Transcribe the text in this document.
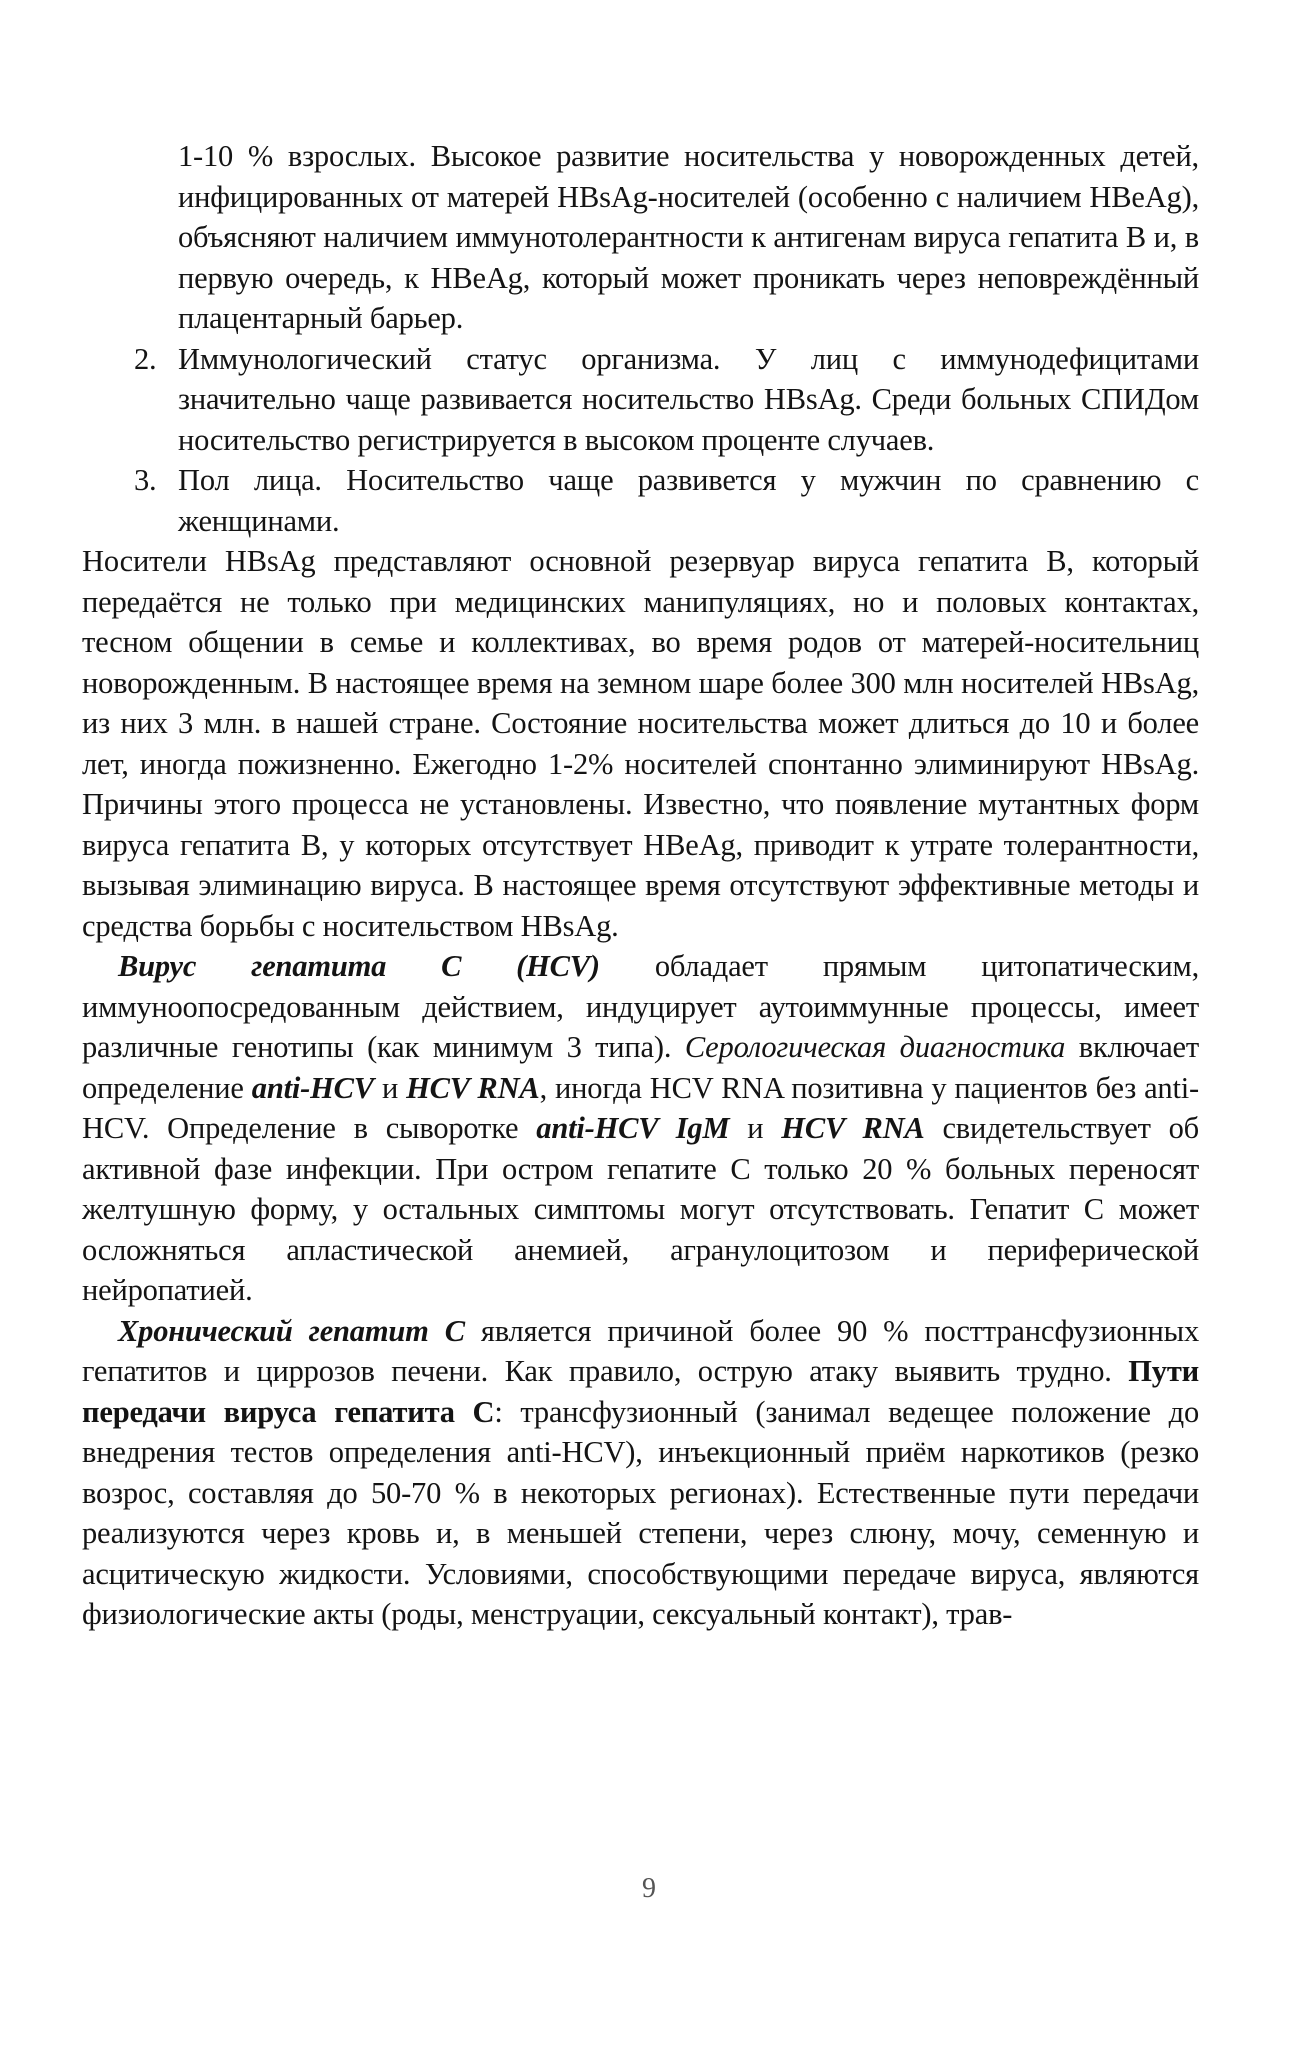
1-10 % взрослых. Высокое развитие носительства у новорожденных детей, инфицированных от матерей HBsAg-носителей (особенно с наличием HBeAg), объясняют наличием иммунотолерантности к антигенам вируса гепатита В и, в первую очередь, к HBeAg, который может проникать через неповреждённый плацентарный барьер.

2. Иммунологический статус организма. У лиц с иммунодефицитами значительно чаще развивается носительство HBsAg. Среди больных СПИДом носительство регистрируется в высоком проценте случаев.
3. Пол лица. Носительство чаще развивется у мужчин по сравнению с женщинами.

Носители HBsAg представляют основной резервуар вируса гепатита В, который передаётся не только при медицинских манипуляциях, но и половых контактах, тесном общении в семье и коллективах, во время родов от матерей-носительниц новорожденным. В настоящее время на земном шаре более 300 млн носителей HBsAg, из них 3 млн. в нашей стране. Состояние носительства может длиться до 10 и более лет, иногда пожизненно. Ежегодно 1-2% носителей спонтанно элиминируют HBsAg. Причины этого процесса не установлены. Известно, что появление мутантных форм вируса гепатита В, у которых отсутствует HBeAg, приводит к утрате толерантности, вызывая элиминацию вируса. В настоящее время отсутствуют эффективные методы и средства борьбы с носительством HBsAg.

Вирус гепатита С (HCV) обладает прямым цитопатическим, иммуноопосредованным действием, индуцирует аутоиммунные процессы, имеет различные генотипы (как минимум 3 типа). Серологическая диагностика включает определение anti-HCV и HCV RNA, иногда HCV RNA позитивна у пациентов без anti-HCV. Определение в сыворотке anti-HCV IgM и HCV RNA свидетельствует об активной фазе инфекции. При остром гепатите С только 20 % больных переносят желтушную форму, у остальных симптомы могут отсутствовать. Гепатит С может осложняться апластической анемией, агранулоцитозом и периферической нейропатией.

Хронический гепатит С является причиной более 90 % посттрансфузионных гепатитов и циррозов печени. Как правило, острую атаку выявить трудно. Пути передачи вируса гепатита С: трансфузионный (занимал ведещее положение до внедрения тестов определения anti-HCV), инъекционный приём наркотиков (резко возрос, составляя до 50-70 % в некоторых регионах). Естественные пути передачи реализуются через кровь и, в меньшей степени, через слюну, мочу, семенную и асцитическую жидкости. Условиями, способствующими передаче вируса, являются физиологические акты (роды, менструации, сексуальный контакт), трав-

9
